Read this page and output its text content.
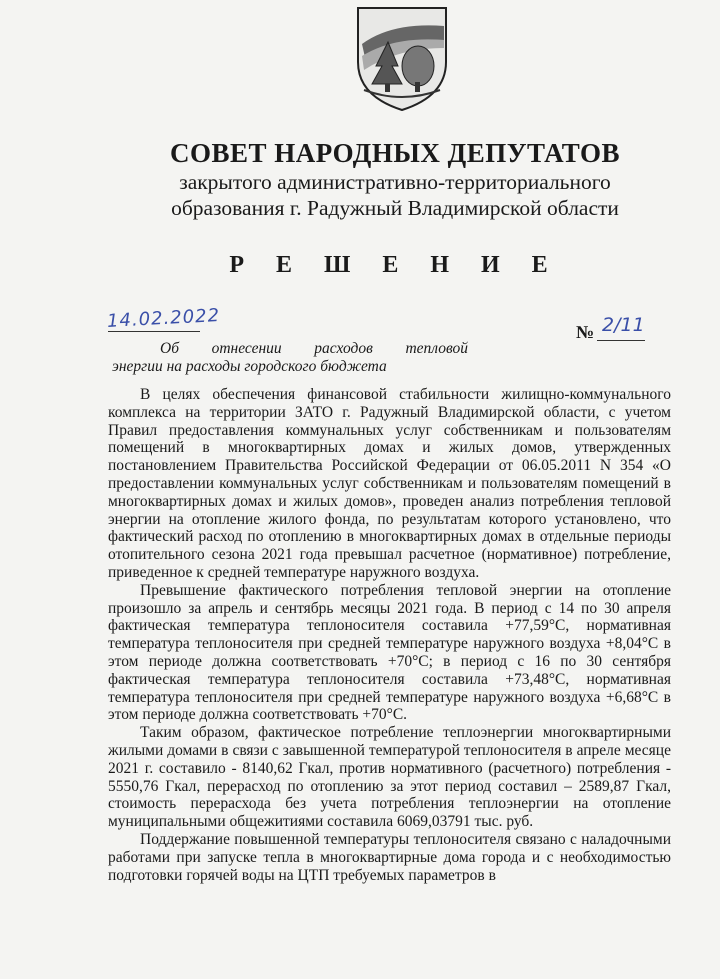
СОВЕТ НАРОДНЫХ ДЕПУТАТОВ
закрытого административно-территориального
образования г. Радужный Владимирской области
Р Е Ш Е Н И Е
14.02.2022
№ 2/11
Об отнесении расходов тепловой
энергии на расходы городского бюджета

В целях обеспечения финансовой стабильности жилищно-коммунального комплекса на территории ЗАТО г. Радужный Владимирской области, с учетом Правил предоставления коммунальных услуг собственникам и пользователям помещений в многоквартирных домах и жилых домов, утвержденных постановлением Правительства Российской Федерации от 06.05.2011 N 354 «О предоставлении коммунальных услуг собственникам и пользователям помещений в многоквартирных домах и жилых домов», проведен анализ потребления тепловой энергии на отопление жилого фонда, по результатам которого установлено, что фактический расход по отоплению в многоквартирных домах в отдельные периоды отопительного сезона 2021 года превышал расчетное (нормативное) потребление, приведенное к средней температуре наружного воздуха.

Превышение фактического потребления тепловой энергии на отопление произошло за апрель и сентябрь месяцы 2021 года. В период с 14 по 30 апреля фактическая температура теплоносителя составила +77,59°С, нормативная температура теплоносителя при средней температуре наружного воздуха +8,04°С в этом периоде должна соответствовать +70°С; в период с 16 по 30 сентября фактическая температура теплоносителя составила +73,48°С, нормативная температура теплоносителя при средней температуре наружного воздуха +6,68°С в этом периоде должна соответствовать +70°С.

Таким образом, фактическое потребление теплоэнергии многоквартирными жилыми домами в связи с завышенной температурой теплоносителя в апреле месяце 2021 г. составило - 8140,62 Гкал, против нормативного (расчетного) потребления - 5550,76 Гкал, перерасход по отоплению за этот период составил – 2589,87 Гкал, стоимость перерасхода без учета потребления теплоэнергии на отопление муниципальными общежитиями составила 6069,03791 тыс. руб.

Поддержание повышенной температуры теплоносителя связано с наладочными работами при запуске тепла в многоквартирные дома города и с необходимостью подготовки горячей воды на ЦТП требуемых параметров в
